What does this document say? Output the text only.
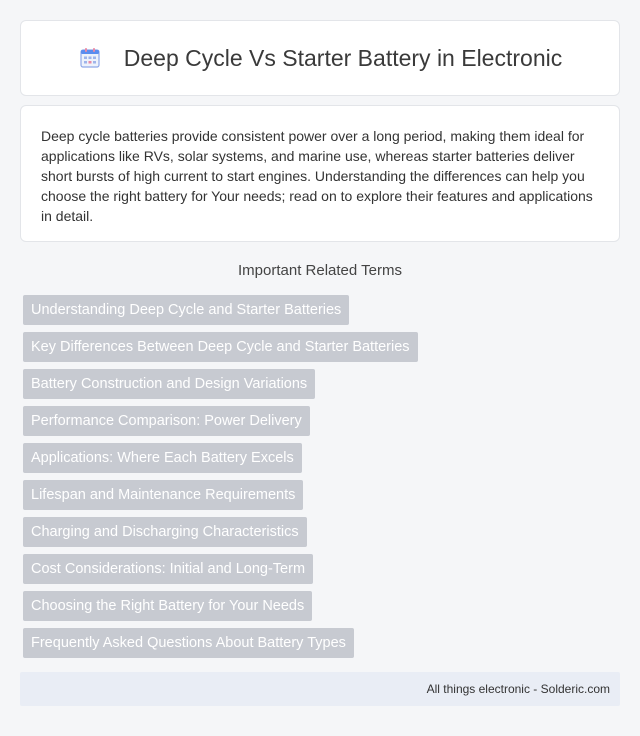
Deep Cycle Vs Starter Battery in Electronic

Deep cycle batteries provide consistent power over a long period, making them ideal for applications like RVs, solar systems, and marine use, whereas starter batteries deliver short bursts of high current to start engines. Understanding the differences can help you choose the right battery for Your needs; read on to explore their features and applications in detail.

Important Related Terms
Understanding Deep Cycle and Starter Batteries
Key Differences Between Deep Cycle and Starter Batteries
Battery Construction and Design Variations
Performance Comparison: Power Delivery
Applications: Where Each Battery Excels
Lifespan and Maintenance Requirements
Charging and Discharging Characteristics
Cost Considerations: Initial and Long-Term
Choosing the Right Battery for Your Needs
Frequently Asked Questions About Battery Types
All things electronic - Solderic.com
